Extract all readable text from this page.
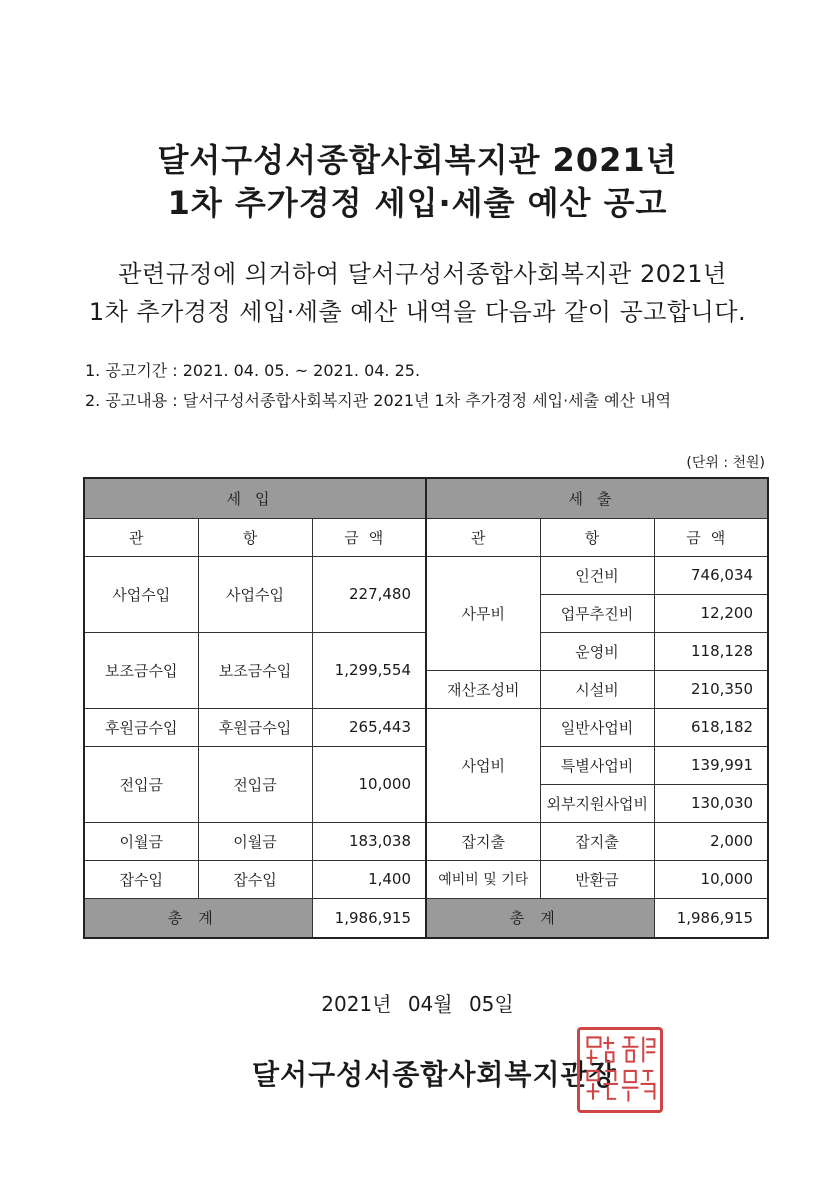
달서구성서종합사회복지관 2021년
1차 추가경정 세입·세출 예산 공고
관련규정에 의거하여 달서구성서종합사회복지관 2021년
1차 추가경정 세입·세출 예산 내역을 다음과 같이 공고합니다.
1. 공고기간 : 2021. 04. 05. ~ 2021. 04. 25.
2. 공고내용 : 달서구성서종합사회복지관 2021년 1차 추가경정 세입·세출 예산 내역
(단위 : 천원)
세입			세출		
관	항	금액	관	항	금액
사업수입	사업수입	227,480	사무비	인건비	746,034
				업무추진비	12,200
보조금수입	보조금수입	1,299,554		운영비	118,128
			재산조성비	시설비	210,350
후원금수입	후원금수입	265,443	사업비	일반사업비	618,182
전입금	전입금	10,000		특별사업비	139,991
				외부지원사업비	130,030
이월금	이월금	183,038	잡지출	잡지출	2,000
잡수입	잡수입	1,400	예비비 및 기타	반환금	10,000
총계		1,986,915	총계		1,986,915
2021년 04월 05일
달서구성서종합사회복지관장
